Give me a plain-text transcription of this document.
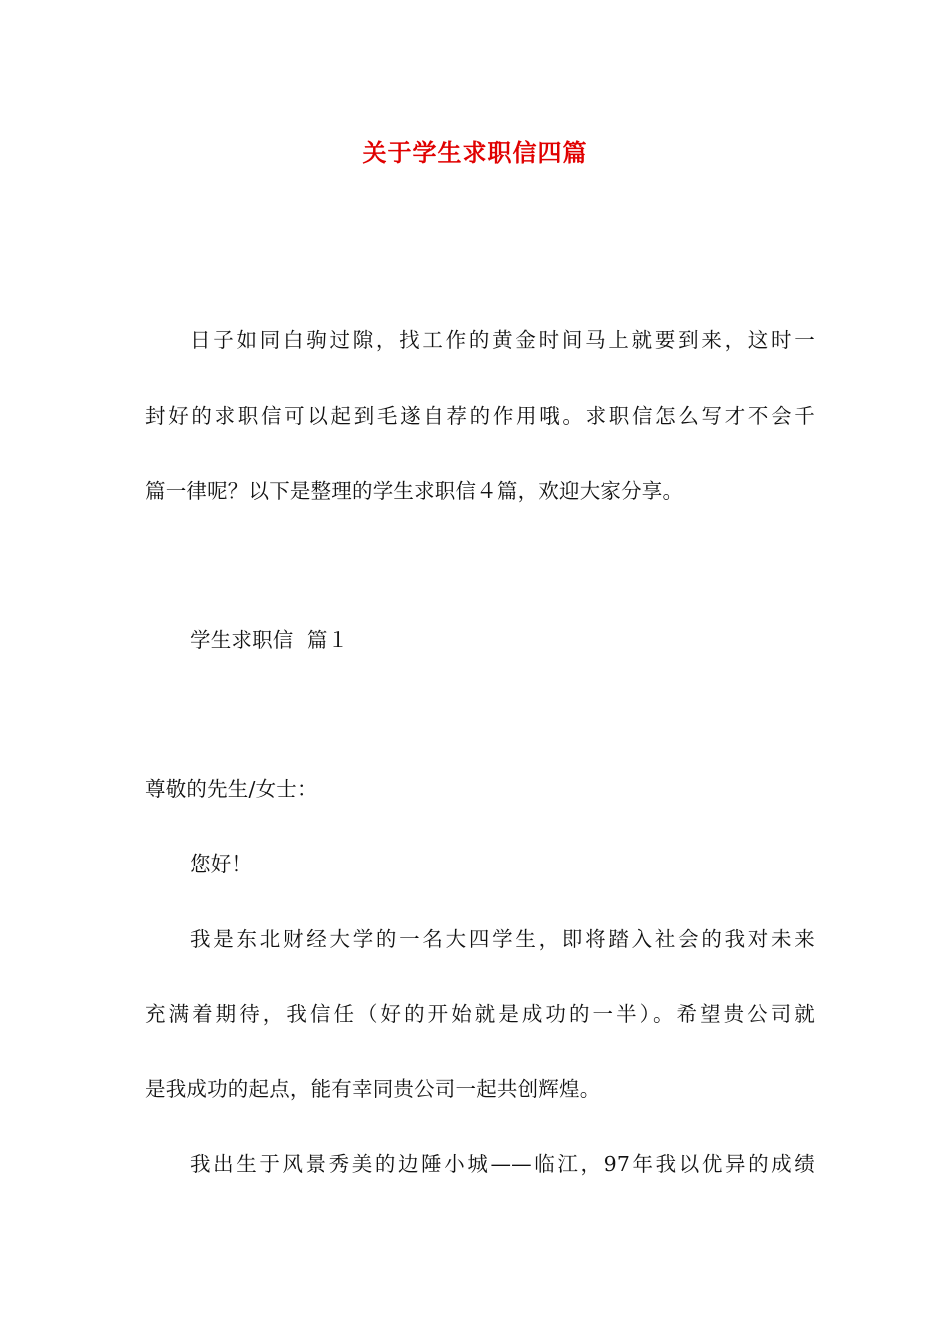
关于学生求职信四篇
日子如同白驹过隙，找工作的黄金时间马上就要到来，这时一
封好的求职信可以起到毛遂自荐的作用哦。求职信怎么写才不会千
篇一律呢？以下是整理的学生求职信４篇，欢迎大家分享。
学生求职信  篇１
尊敬的先生/女士：
您好！
我是东北财经大学的一名大四学生，即将踏入社会的我对未来
充满着期待，我信任（好的开始就是成功的一半）。希望贵公司就
是我成功的起点，能有幸同贵公司一起共创辉煌。
我出生于风景秀美的边陲小城——临江，97年我以优异的成绩
